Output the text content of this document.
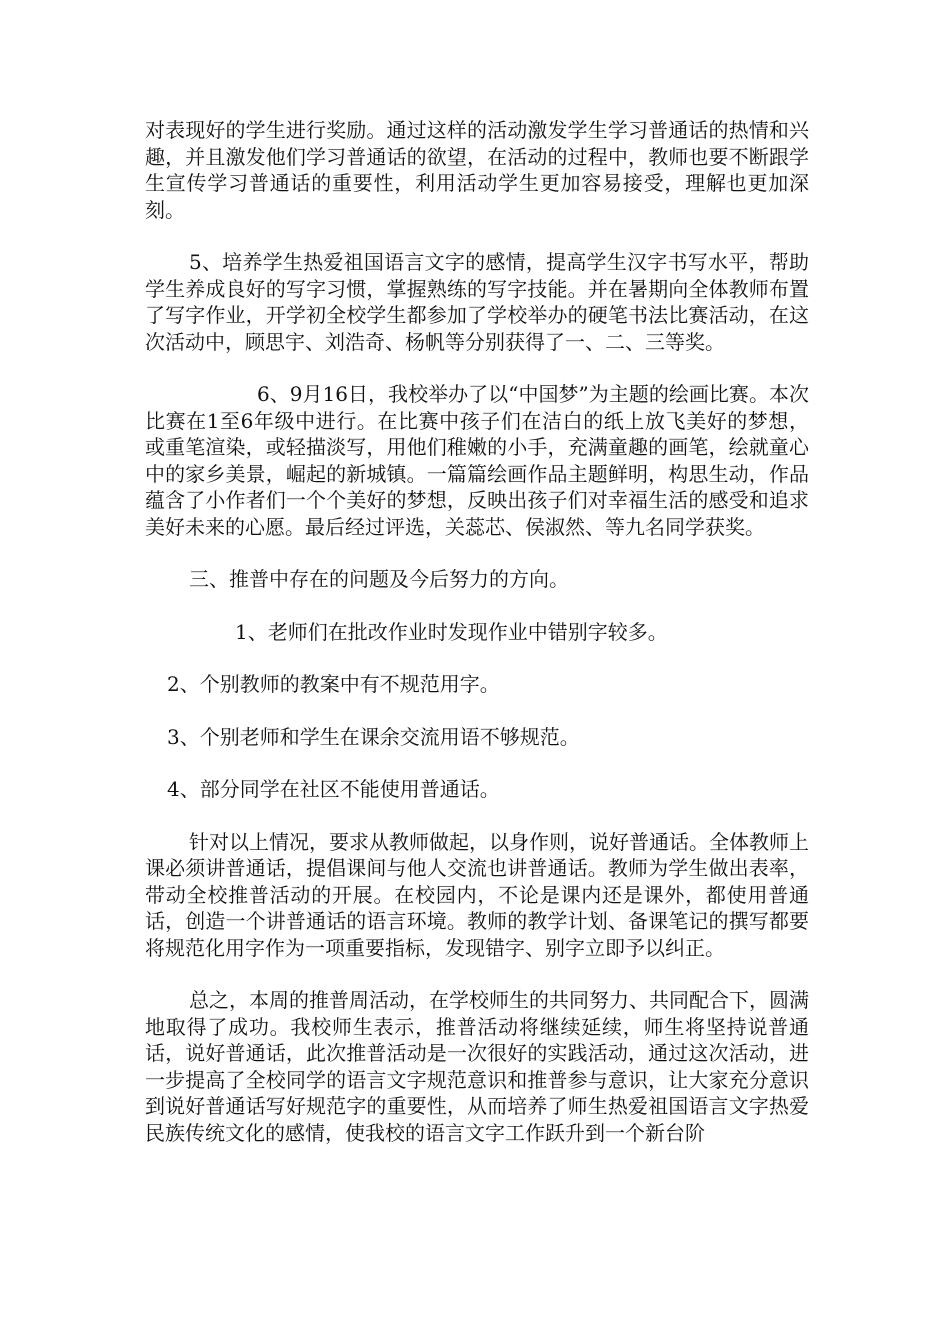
对表现好的学生进行奖励。通过这样的活动激发学生学习普通话的热情和兴趣，并且激发他们学习普通话的欲望，在活动的过程中，教师也要不断跟学生宣传学习普通话的重要性，利用活动学生更加容易接受，理解也更加深刻。

5、培养学生热爱祖国语言文字的感情，提高学生汉字书写水平，帮助学生养成良好的写字习惯，掌握熟练的写字技能。并在暑期向全体教师布置了写字作业，开学初全校学生都参加了学校举办的硬笔书法比赛活动，在这次活动中，顾思宇、刘浩奇、杨帆等分别获得了一、二、三等奖。

6、9月16日，我校举办了以“中国梦”为主题的绘画比赛。本次比赛在1至6年级中进行。在比赛中孩子们在洁白的纸上放飞美好的梦想，或重笔渲染，或轻描淡写，用他们稚嫩的小手，充满童趣的画笔，绘就童心中的家乡美景，崛起的新城镇。一篇篇绘画作品主题鲜明，构思生动，作品蕴含了小作者们一个个美好的梦想，反映出孩子们对幸福生活的感受和追求美好未来的心愿。最后经过评选，关蕊芯、侯淑然、等九名同学获奖。

三、推普中存在的问题及今后努力的方向。

1、老师们在批改作业时发现作业中错别字较多。

2、个别教师的教案中有不规范用字。

3、个别老师和学生在课余交流用语不够规范。

4、部分同学在社区不能使用普通话。

针对以上情况，要求从教师做起，以身作则，说好普通话。全体教师上课必须讲普通话，提倡课间与他人交流也讲普通话。教师为学生做出表率，带动全校推普活动的开展。在校园内，不论是课内还是课外，都使用普通话，创造一个讲普通话的语言环境。教师的教学计划、备课笔记的撰写都要将规范化用字作为一项重要指标，发现错字、别字立即予以纠正。

总之，本周的推普周活动，在学校师生的共同努力、共同配合下，圆满地取得了成功。我校师生表示，推普活动将继续延续，师生将坚持说普通话，说好普通话，此次推普活动是一次很好的实践活动，通过这次活动，进一步提高了全校同学的语言文字规范意识和推普参与意识，让大家充分意识到说好普通话写好规范字的重要性，从而培养了师生热爱祖国语言文字热爱民族传统文化的感情，使我校的语言文字工作跃升到一个新台阶
